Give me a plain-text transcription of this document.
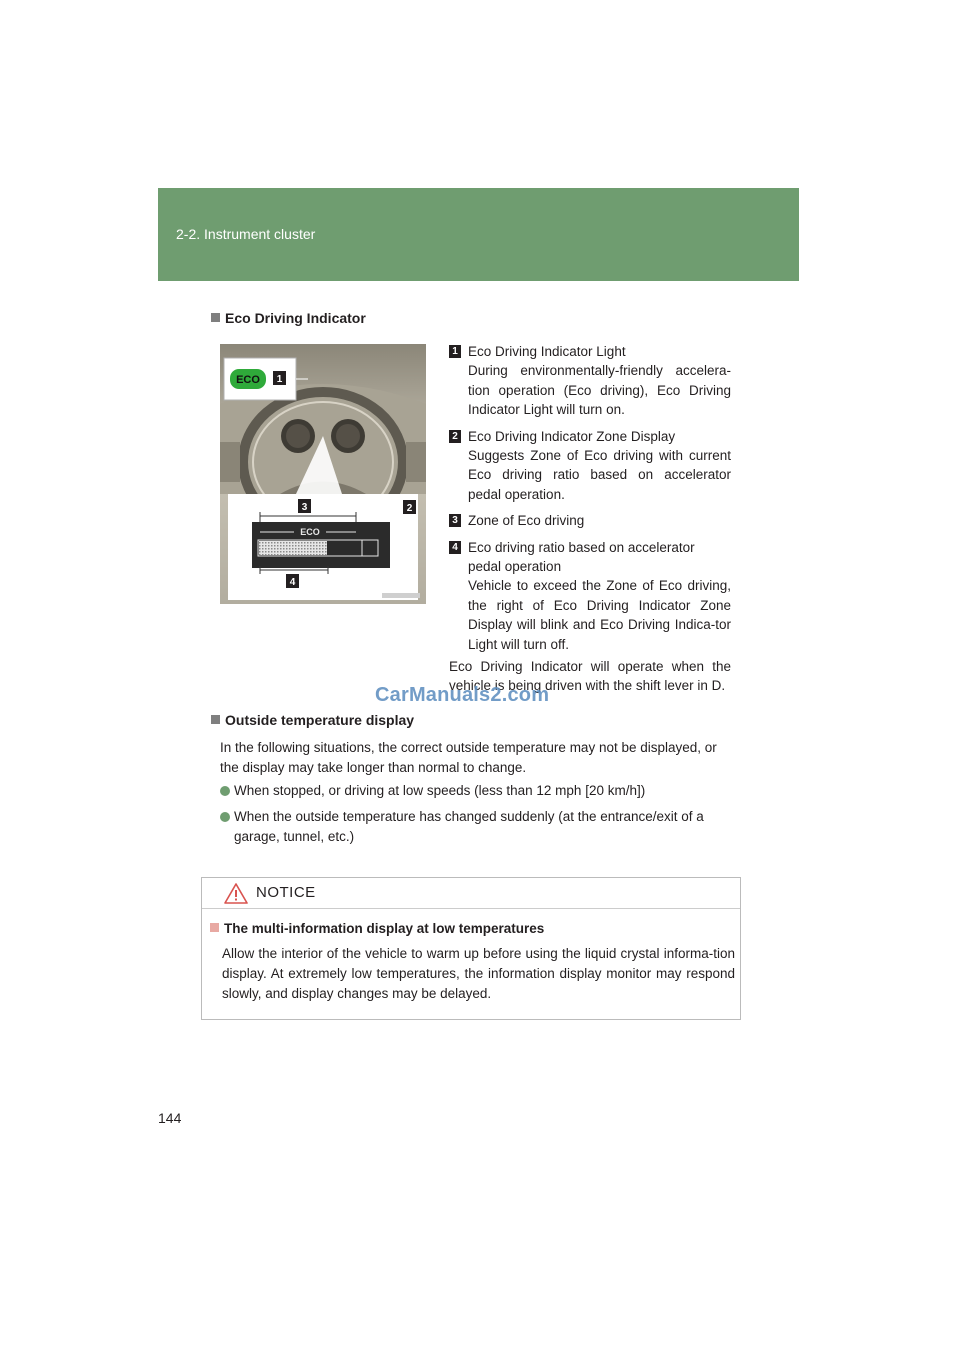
2-2. Instrument cluster
Eco Driving Indicator
ECO 1
3	2
ECO
4
1 Eco Driving Indicator Light
During environmentally-friendly accelera-tion operation (Eco driving), Eco Driving Indicator Light will turn on.
2 Eco Driving Indicator Zone Display
Suggests Zone of Eco driving with current Eco driving ratio based on accelerator pedal operation.
3 Zone of Eco driving
4 Eco driving ratio based on accelerator pedal operation
Vehicle to exceed the Zone of Eco driving, the right of Eco Driving Indicator Zone Display will blink and Eco Driving Indica-tor Light will turn off.
Eco Driving Indicator will operate when the vehicle is being driven with the shift lever in D.
CarManuals2.com
Outside temperature display
In the following situations, the correct outside temperature may not be displayed, or the display may take longer than normal to change.
When stopped, or driving at low speeds (less than 12 mph [20 km/h])
When the outside temperature has changed suddenly (at the entrance/exit of a garage, tunnel, etc.)
NOTICE
The multi-information display at low temperatures
Allow the interior of the vehicle to warm up before using the liquid crystal informa-tion display. At extremely low temperatures, the information display monitor may respond slowly, and display changes may be delayed.
144
